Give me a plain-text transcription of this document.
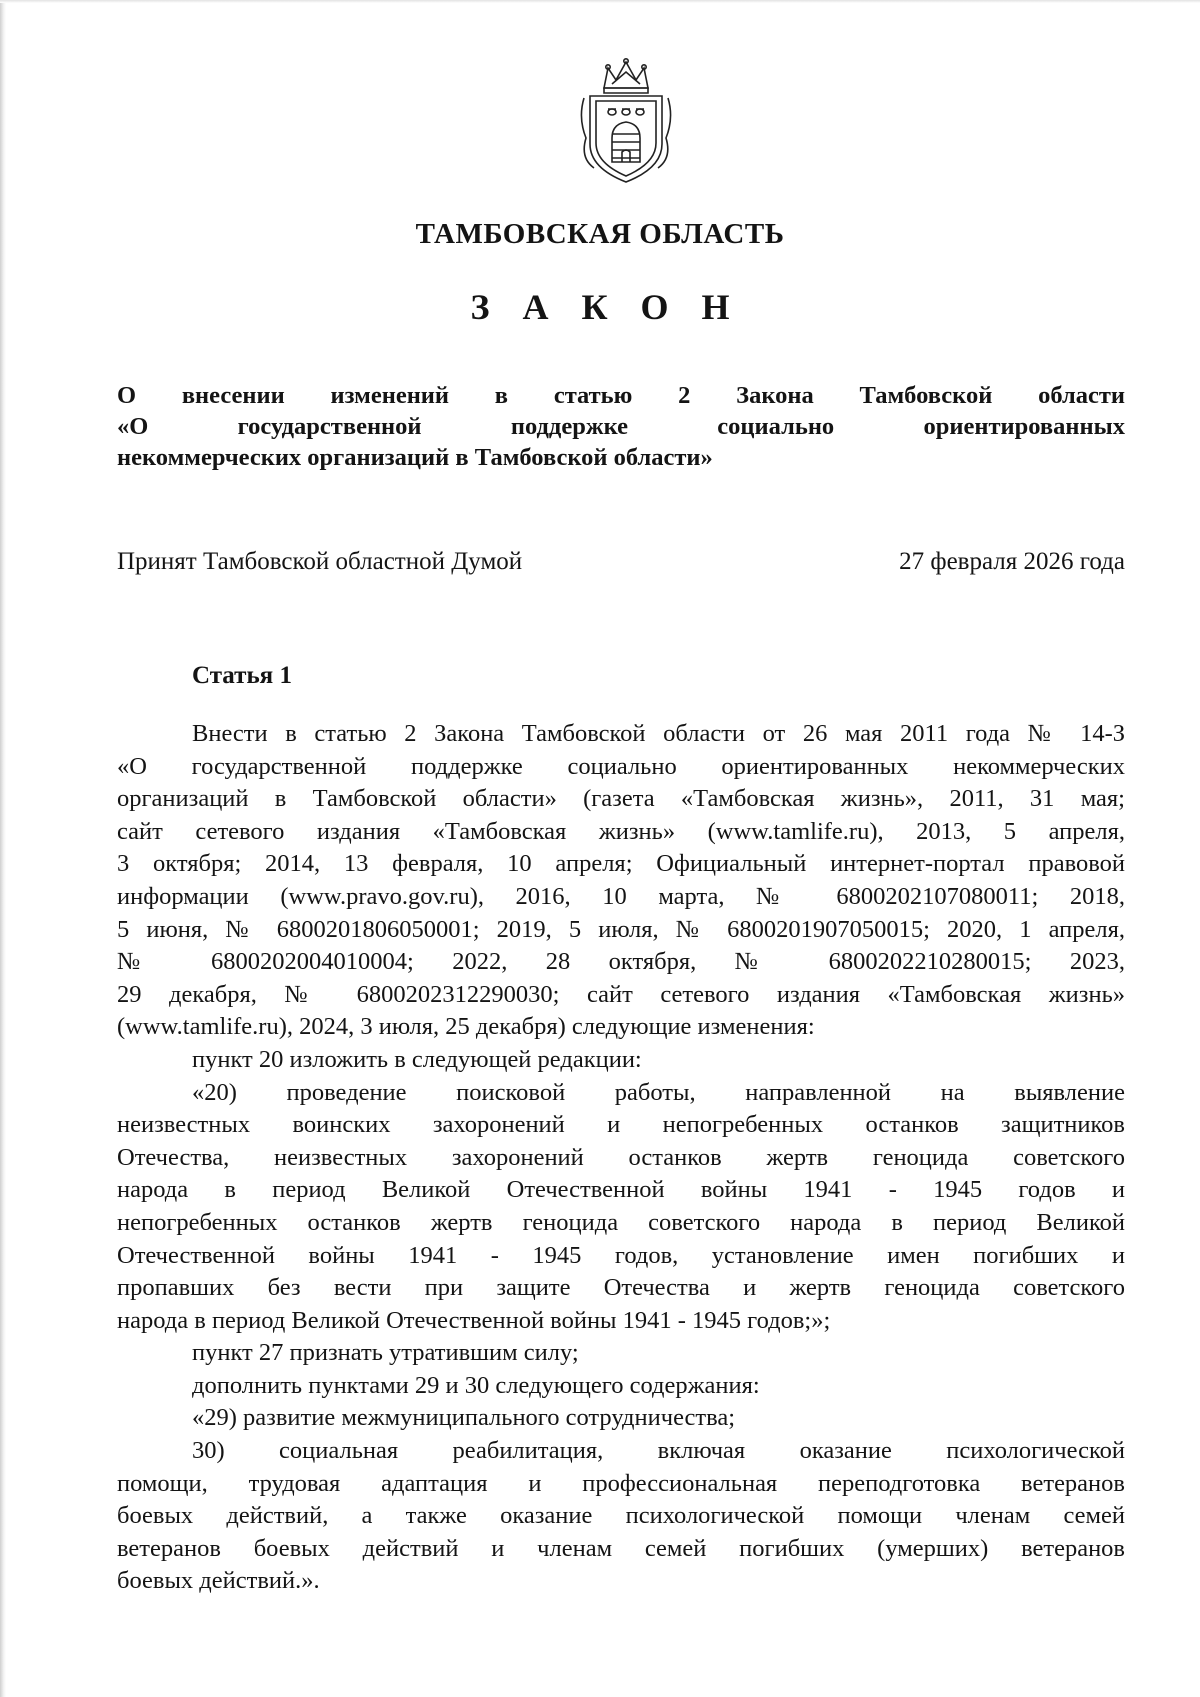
ТАМБОВСКАЯ ОБЛАСТЬ
З А К О Н
О внесении изменений в статью 2 Закона Тамбовской области
«О государственной поддержке социально ориентированных
некоммерческих организаций в Тамбовской области»
Принят Тамбовской областной Думой	27 февраля 2026 года
Статья 1
Внести в статью 2 Закона Тамбовской области от 26 мая 2011 года № 14-З
«О государственной поддержке социально ориентированных некоммерческих
организаций в Тамбовской области» (газета «Тамбовская жизнь», 2011, 31 мая;
сайт сетевого издания «Тамбовская жизнь» (www.tamlife.ru), 2013, 5 апреля,
3 октября; 2014, 13 февраля, 10 апреля; Официальный интернет-портал правовой
информации (www.pravo.gov.ru), 2016, 10 марта, № 6800202107080011; 2018,
5 июня, № 6800201806050001; 2019, 5 июля, № 6800201907050015; 2020, 1 апреля,
№ 6800202004010004; 2022, 28 октября, № 6800202210280015; 2023,
29 декабря, № 6800202312290030; сайт сетевого издания «Тамбовская жизнь»
(www.tamlife.ru), 2024, 3 июля, 25 декабря) следующие изменения:
пункт 20 изложить в следующей редакции:
«20) проведение поисковой работы, направленной на выявление
неизвестных воинских захоронений и непогребенных останков защитников
Отечества, неизвестных захоронений останков жертв геноцида советского
народа в период Великой Отечественной войны 1941 - 1945 годов и
непогребенных останков жертв геноцида советского народа в период Великой
Отечественной войны 1941 - 1945 годов, установление имен погибших и
пропавших без вести при защите Отечества и жертв геноцида советского
народа в период Великой Отечественной войны 1941 - 1945 годов;»;
пункт 27 признать утратившим силу;
дополнить пунктами 29 и 30 следующего содержания:
«29) развитие межмуниципального сотрудничества;
30) социальная реабилитация, включая оказание психологической
помощи, трудовая адаптация и профессиональная переподготовка ветеранов
боевых действий, а также оказание психологической помощи членам семей
ветеранов боевых действий и членам семей погибших (умерших) ветеранов
боевых действий.».
